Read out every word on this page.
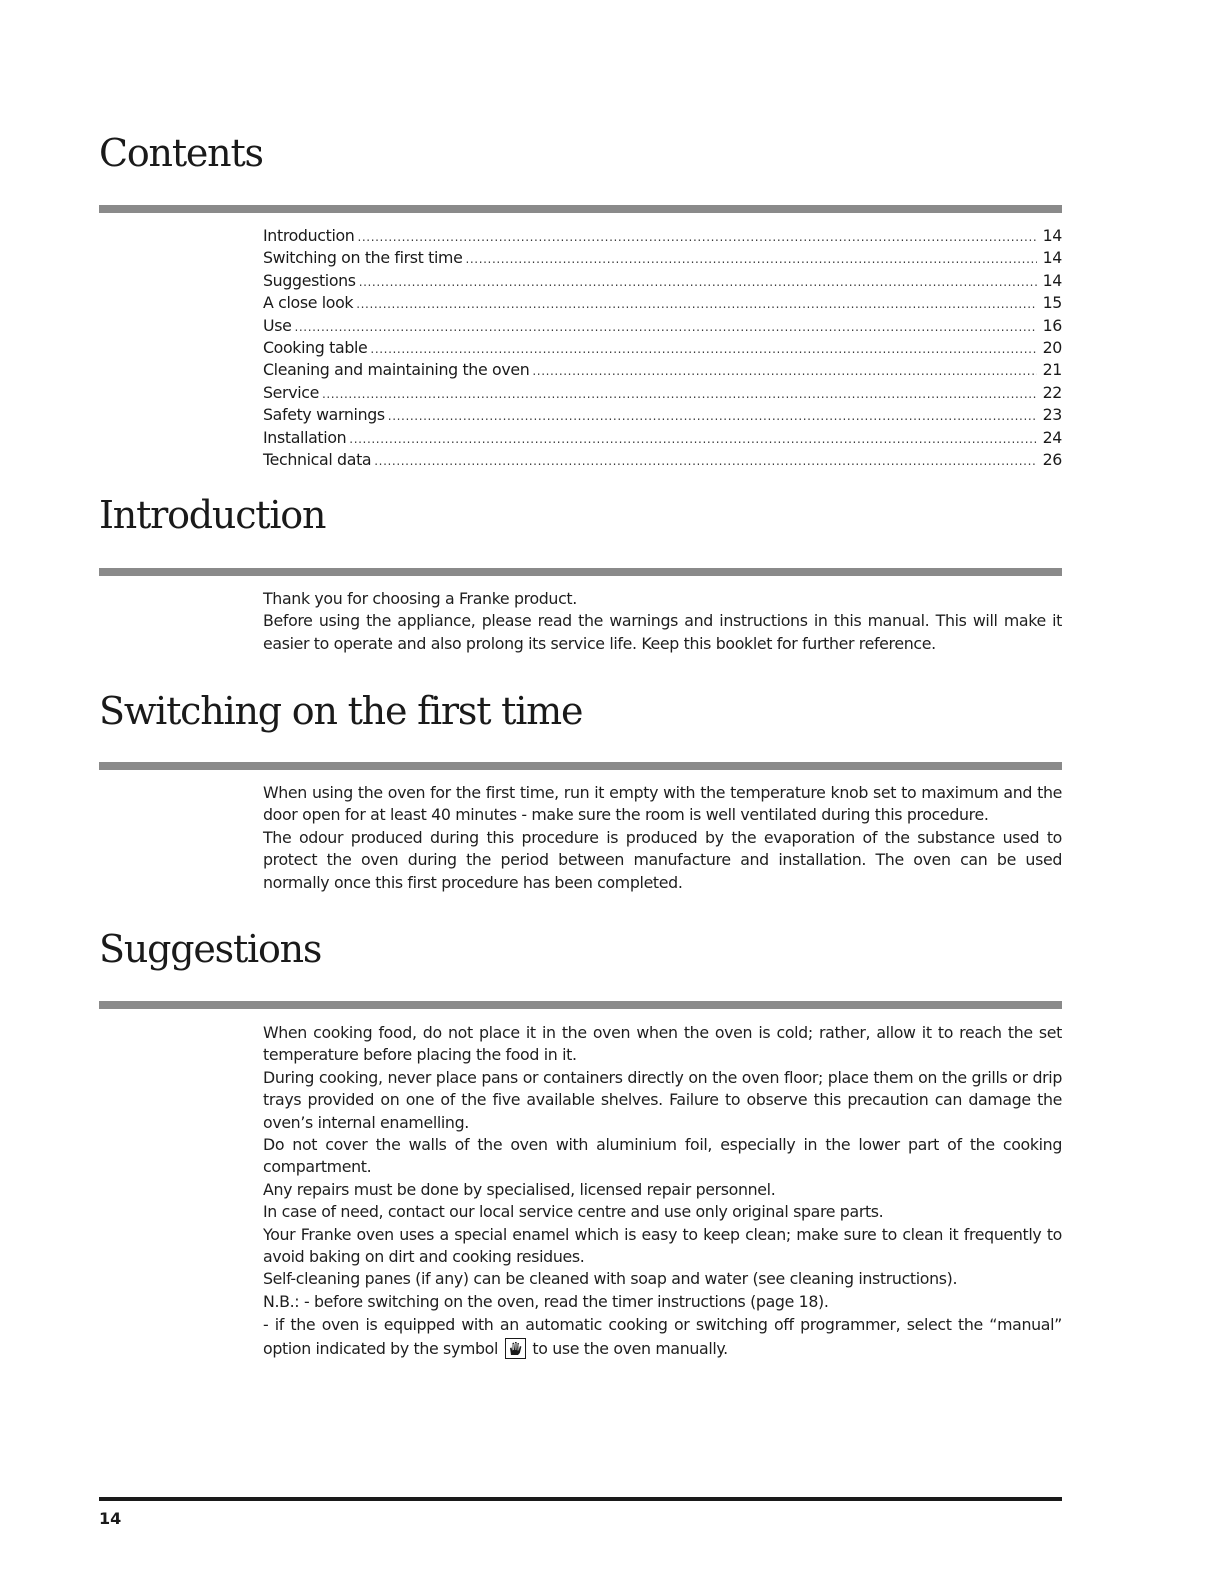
Contents
Introduction .....	14
Switching on the first time .....	14
Suggestions .....	14
A close look .....	15
Use .....	16
Cooking table .....	20
Cleaning and maintaining the oven .....	21
Service .....	22
Safety warnings .....	23
Installation .....	24
Technical data .....	26
Introduction

Thank you for choosing a Franke product.

Before using the appliance, please read the warnings and instructions in this manual. This will make it easier to operate and also prolong its service life. Keep this booklet for further reference.

Switching on the first time

When using the oven for the first time, run it empty with the temperature knob set to maximum and the door open for at least 40 minutes - make sure the room is well ventilated during this procedure.

The odour produced during this procedure is produced by the evaporation of the substance used to protect the oven during the period between manufacture and installation. The oven can be used normally once this first procedure has been completed.

Suggestions

When cooking food, do not place it in the oven when the oven is cold; rather, allow it to reach the set temperature before placing the food in it.

During cooking, never place pans or containers directly on the oven floor; place them on the grills or drip trays provided on one of the five available shelves. Failure to observe this precaution can damage the oven’s internal enamelling.

Do not cover the walls of the oven with aluminium foil, especially in the lower part of the cooking compartment.

Any repairs must be done by specialised, licensed repair personnel.

In case of need, contact our local service centre and use only original spare parts.

Your Franke oven uses a special enamel which is easy to keep clean; make sure to clean it frequently to avoid baking on dirt and cooking residues.

Self-cleaning panes (if any) can be cleaned with soap and water (see cleaning instructions).

N.B.: - before switching on the oven, read the timer instructions (page 18).

- if the oven is equipped with an automatic cooking or switching off programmer, select the “manual” option indicated by the symbol to use the oven manually.

14
